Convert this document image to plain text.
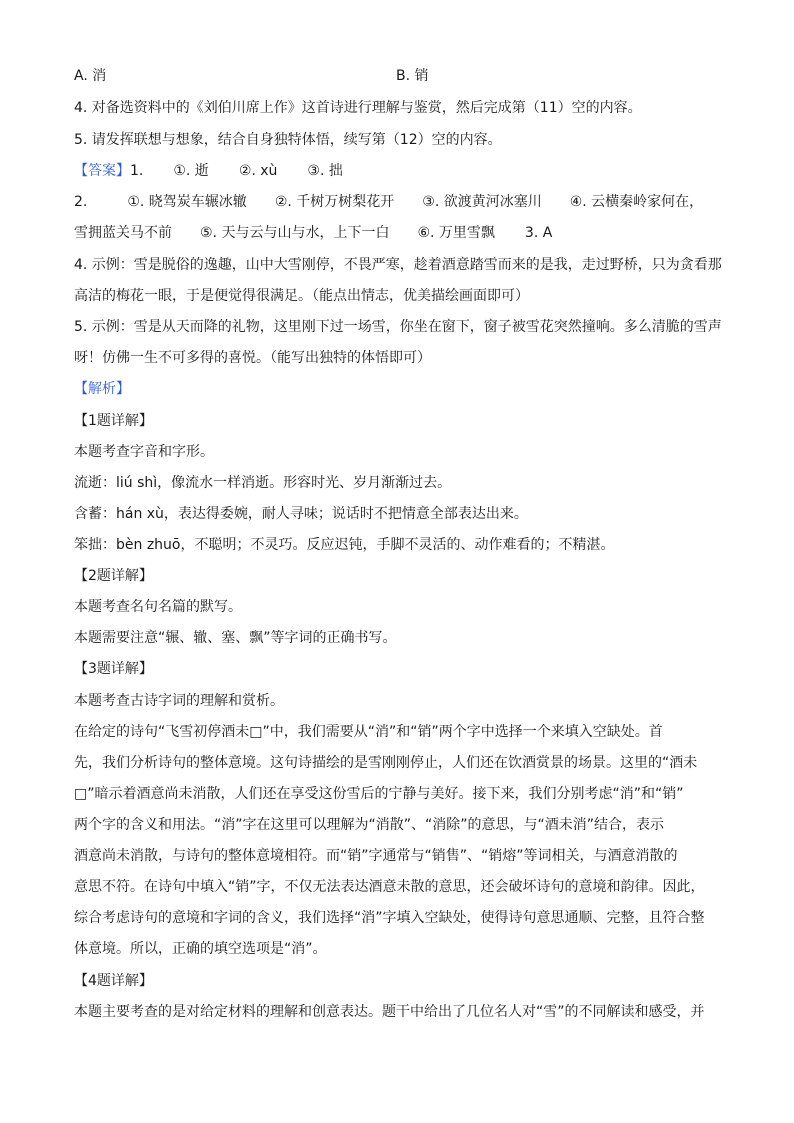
A. 消	B. 销
4. 对备选资料中的《刘伯川席上作》这首诗进行理解与鉴赏，然后完成第（11）空的内容。
5. 请发挥联想与想象，结合自身独特体悟，续写第（12）空的内容。
【答案】1. ①. 逝 ②. xù ③. 拙
2.	①. 晓驾炭车辗冰辙 ②. 千树万树梨花开 ③. 欲渡黄河冰塞川 ④. 云横秦岭家何在，
雪拥蓝关马不前 ⑤. 天与云与山与水，上下一白 ⑥. 万里雪飘 3. A
4. 示例：雪是脱俗的逸趣，山中大雪刚停，不畏严寒，趁着酒意踏雪而来的是我，走过野桥，只为贪看那
高洁的梅花一眼，于是便觉得很满足。（能点出情志，优美描绘画面即可）
5. 示例：雪是从天而降的礼物，这里刚下过一场雪，你坐在窗下，窗子被雪花突然撞响。多么清脆的雪声
呀！仿佛一生不可多得的喜悦。（能写出独特的体悟即可）
【解析】
【1题详解】
本题考查字音和字形。
流逝：liú shì，像流水一样消逝。形容时光、岁月渐渐过去。
含蓄：hán xù，表达得委婉，耐人寻味；说话时不把情意全部表达出来。
笨拙：bèn zhuō，不聪明；不灵巧。反应迟钝，手脚不灵活的、动作难看的；不精湛。
【2题详解】
本题考查名句名篇的默写。
本题需要注意“辗、辙、塞、飘”等字词的正确书写。
【3题详解】
本题考查古诗字词的理解和赏析。
在给定的诗句“飞雪初停酒未□”中，我们需要从“消”和“销”两个字中选择一个来填入空缺处。首
先，我们分析诗句的整体意境。这句诗描绘的是雪刚刚停止，人们还在饮酒赏景的场景。这里的“酒未
□”暗示着酒意尚未消散，人们还在享受这份雪后的宁静与美好。接下来，我们分别考虑“消”和“销”
两个字的含义和用法。“消”字在这里可以理解为“消散”、“消除”的意思，与“酒未消”结合，表示
酒意尚未消散，与诗句的整体意境相符。而“销”字通常与“销售”、“销熔”等词相关，与酒意消散的
意思不符。在诗句中填入“销”字，不仅无法表达酒意未散的意思，还会破坏诗句的意境和韵律。因此，
综合考虑诗句的意境和字词的含义，我们选择“消”字填入空缺处，使得诗句意思通顺、完整，且符合整
体意境。所以，正确的填空选项是“消”。
【4题详解】
本题主要考查的是对给定材料的理解和创意表达。题干中给出了几位名人对“雪”的不同解读和感受，并
